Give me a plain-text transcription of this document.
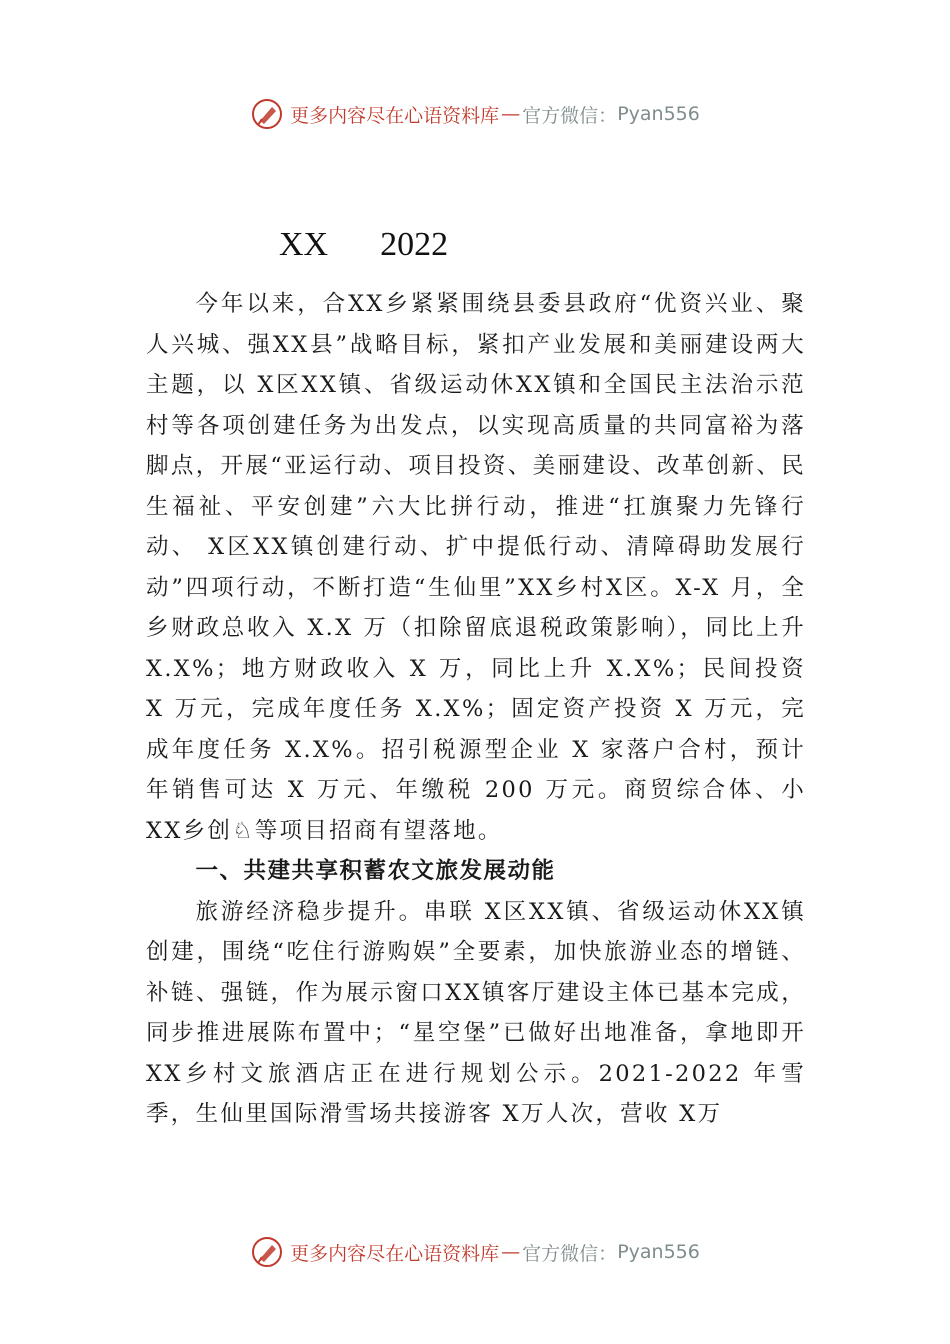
更多内容尽在心语资料库 — 官方微信： Pyan556

XX 2022

今年以来，合XX乡紧紧围绕县委县政府“优资兴业、聚人兴城、强XX县”战略目标，紧扣产业发展和美丽建设两大主题，以 X区XX镇、省级运动休XX镇和全国民主法治示范村等各项创建任务为出发点，以实现高质量的共同富裕为落脚点，开展“亚运行动、项目投资、美丽建设、改革创新、民生福祉、平安创建”六大比拼行动，推进“扛旗聚力先锋行动、 X区XX镇创建行动、扩中提低行动、清障碍助发展行动”四项行动，不断打造“生仙里”XX乡村X区。X-X 月，全乡财政总收入 X.X 万（扣除留底退税政策影响），同比上升 X.X%；地方财政收入 X 万，同比上升 X.X%；民间投资 X 万元，完成年度任务 X.X%；固定资产投资 X 万元，完成年度任务 X.X%。招引税源型企业 X 家落户合村，预计年销售可达 X 万元、年缴税 200 万元。商贸综合体、小XX乡创♘等项目招商有望落地。

一、共建共享积蓄农文旅发展动能

旅游经济稳步提升。串联 X区XX镇、省级运动休XX镇创建，围绕“吃住行游购娱”全要素，加快旅游业态的增链、补链、强链，作为展示窗口XX镇客厅建设主体已基本完成，同步推进展陈布置中；“星空堡”已做好出地准备，拿地即开XX乡村文旅酒店正在进行规划公示。2021-2022 年雪季，生仙里国际滑雪场共接游客 X万人次，营收 X万

更多内容尽在心语资料库 — 官方微信： Pyan556
